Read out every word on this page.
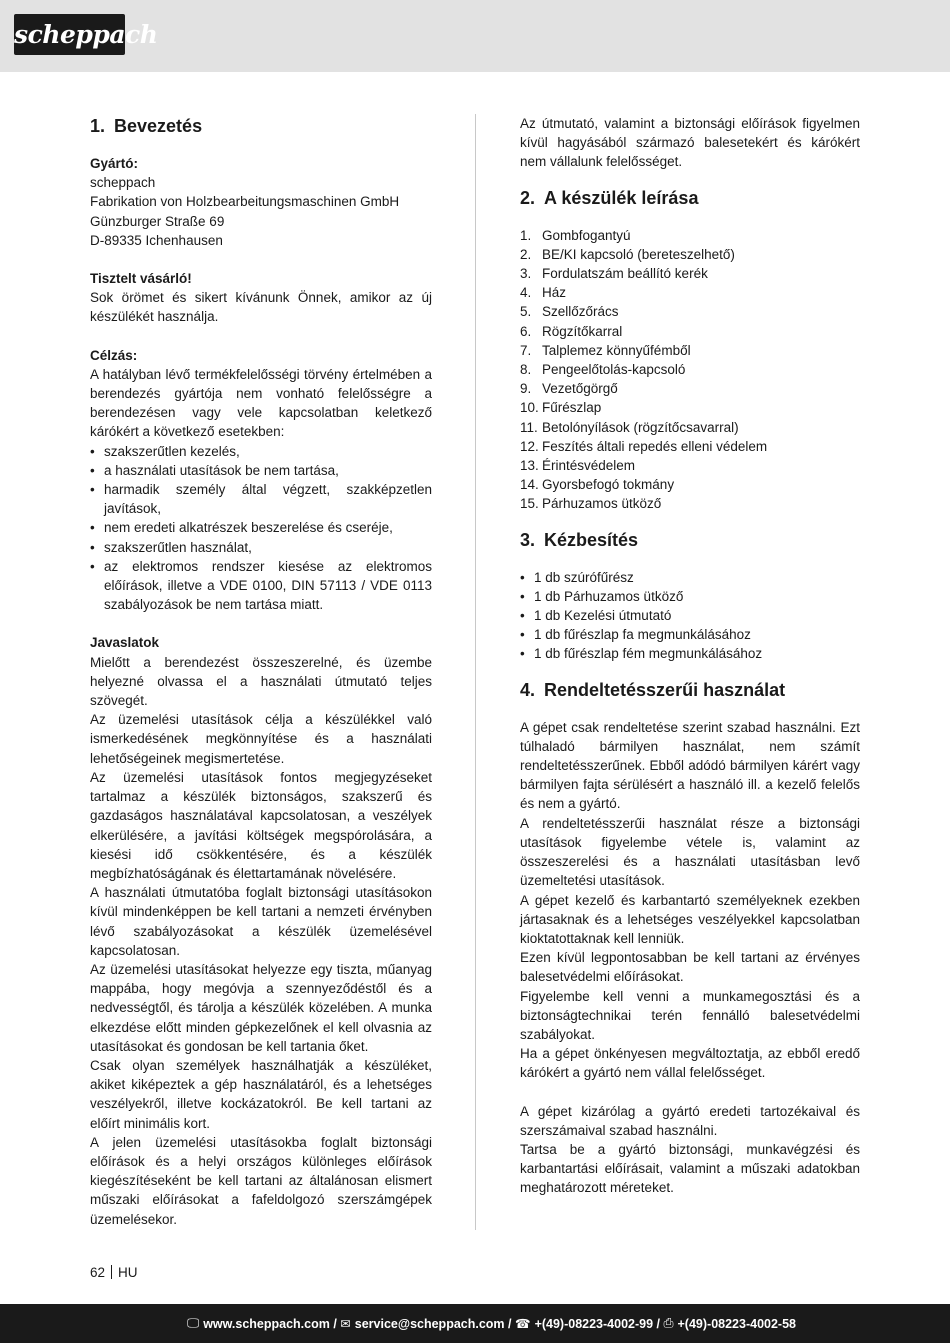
scheppach
1. Bevezetés

Gyártó:

scheppach

Fabrikation von Holzbearbeitungsmaschinen GmbH

Günzburger Straße 69

D-89335 Ichenhausen

Tisztelt vásárló!

Sok örömet és sikert kívánunk Önnek, amikor az új készülékét használja.

Célzás:

A hatályban lévő termékfelelősségi törvény értelmében a berendezés gyártója nem vonható felelősségre a berendezésen vagy vele kapcsolatban keletkező kárókért a következő esetekben:

• szakszerűtlen kezelés,
• a használati utasítások be nem tartása,
• harmadik személy által végzett, szakképzetlen javítások,
• nem eredeti alkatrészek beszerelése és cseréje,
• szakszerűtlen használat,
• az elektromos rendszer kiesése az elektromos előírások, illetve a VDE 0100, DIN 57113 / VDE 0113 szabályozások be nem tartása miatt.

Javaslatok

Mielőtt a berendezést összeszerelné, és üzembe helyezné olvassa el a használati útmutató teljes szövegét.

Az üzemelési utasítások célja a készülékkel való ismerkedésének megkönnyítése és a használati lehetőségeinek megismertetése.

Az üzemelési utasítások fontos megjegyzéseket tartalmaz a készülék biztonságos, szakszerű és gazdaságos használatával kapcsolatosan, a veszélyek elkerülésére, a javítási költségek megspórolására, a kiesési idő csökkentésére, és a készülék megbízhatóságának és élettartamának növelésére.

A használati útmutatóba foglalt biztonsági utasításokon kívül mindenképpen be kell tartani a nemzeti érvényben lévő szabályozásokat a készülék üzemelésével kapcsolatosan.

Az üzemelési utasításokat helyezze egy tiszta, műanyag mappába, hogy megóvja a szennyeződéstől és a nedvességtől, és tárolja a készülék közelében. A munka elkezdése előtt minden gépkezelőnek el kell olvasnia az utasításokat és gondosan be kell tartania őket.

Csak olyan személyek használhatják a készüléket, akiket kiképeztek a gép használatáról, és a lehetséges veszélyekről, illetve kockázatokról. Be kell tartani az előírt minimális kort.

A jelen üzemelési utasításokba foglalt biztonsági előírások és a helyi országos különleges előírások kiegészítéseként be kell tartani az általánosan elismert műszaki előírásokat a fafeldolgozó szerszámgépek üzemelésekor.

Az útmutató, valamint a biztonsági előírások figyelmen kívül hagyásából származó balesetekért és kárókért nem vállalunk felelősséget.

2. A készülék leírása
1. Gombfogantyú
2. BE/KI kapcsoló (bereteszelhető)
3. Fordulatszám beállító kerék
4. Ház
5. Szellőzőrács
6. Rögzítőkarral
7. Talplemez könnyűfémből
8. Pengeelőtolás-kapcsoló
9. Vezetőgörgő
10. Fűrészlap
11. Betolónyílások (rögzítőcsavarral)
12. Feszítés általi repedés elleni védelem
13. Érintésvédelem
14. Gyorsbefogó tokmány
15. Párhuzamos ütköző
3. Kézbesítés
• 1 db szúrófűrész
• 1 db Párhuzamos ütköző
• 1 db Kezelési útmutató
• 1 db fűrészlap fa megmunkálásához
• 1 db fűrészlap fém megmunkálásához
4. Rendeltetésszerűi használat

A gépet csak rendeltetése szerint szabad használni. Ezt túlhaladó bármilyen használat, nem számít rendeltetésszerűnek. Ebből adódó bármilyen kárért vagy bármilyen fajta sérülésért a használó ill. a kezelő felelős és nem a gyártó.

A rendeltetésszerűi használat része a biztonsági utasítások figyelembe vétele is, valamint az összeszerelési és a használati utasításban levő üzemeltetési utasítások.

A gépet kezelő és karbantartó személyeknek ezekben jártasaknak és a lehetséges veszélyekkel kapcsolatban kioktatottaknak kell lenniük.

Ezen kívül legpontosabban be kell tartani az érvényes balesetvédelmi előírásokat.

Figyelembe kell venni a munkamegosztási és a biztonságtechnikai terén fennálló balesetvédelmi szabályokat.

Ha a gépet önkényesen megváltoztatja, az ebből eredő kárókért a gyártó nem vállal felelősséget.

A gépet kizárólag a gyártó eredeti tartozékaival és szerszámaival szabad használni.

Tartsa be a gyártó biztonsági, munkavégzési és karbantartási előírásait, valamint a műszaki adatokban meghatározott méreteket.

62 HU
🖵 www.scheppach.com /
✉ service@scheppach.com /
☎ +(49)-08223-4002-99 /
⎙ +(49)-08223-4002-58
